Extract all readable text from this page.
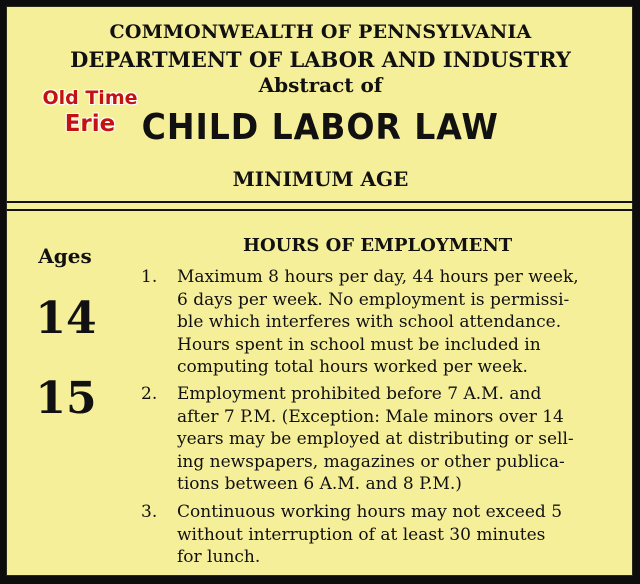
COMMONWEALTH OF PENNSYLVANIA
DEPARTMENT OF LABOR AND INDUSTRY
Abstract of
Old Time
Erie CHILD LABOR LAW
MINIMUM AGE
Ages
14
15
HOURS OF EMPLOYMENT
1.	Maximum 8 hours per day, 44 hours per week,
6 days per week. No employment is permissi-
ble which interferes with school attendance.
Hours spent in school must be included in
computing total hours worked per week.
2.	Employment prohibited before 7 A.M. and
after 7 P.M. (Exception: Male minors over 14
years may be employed at distributing or sell-
ing newspapers, magazines or other publica-
tions between 6 A.M. and 8 P.M.)
3.	Continuous working hours may not exceed 5
without interruption of at least 30 minutes
for lunch.
